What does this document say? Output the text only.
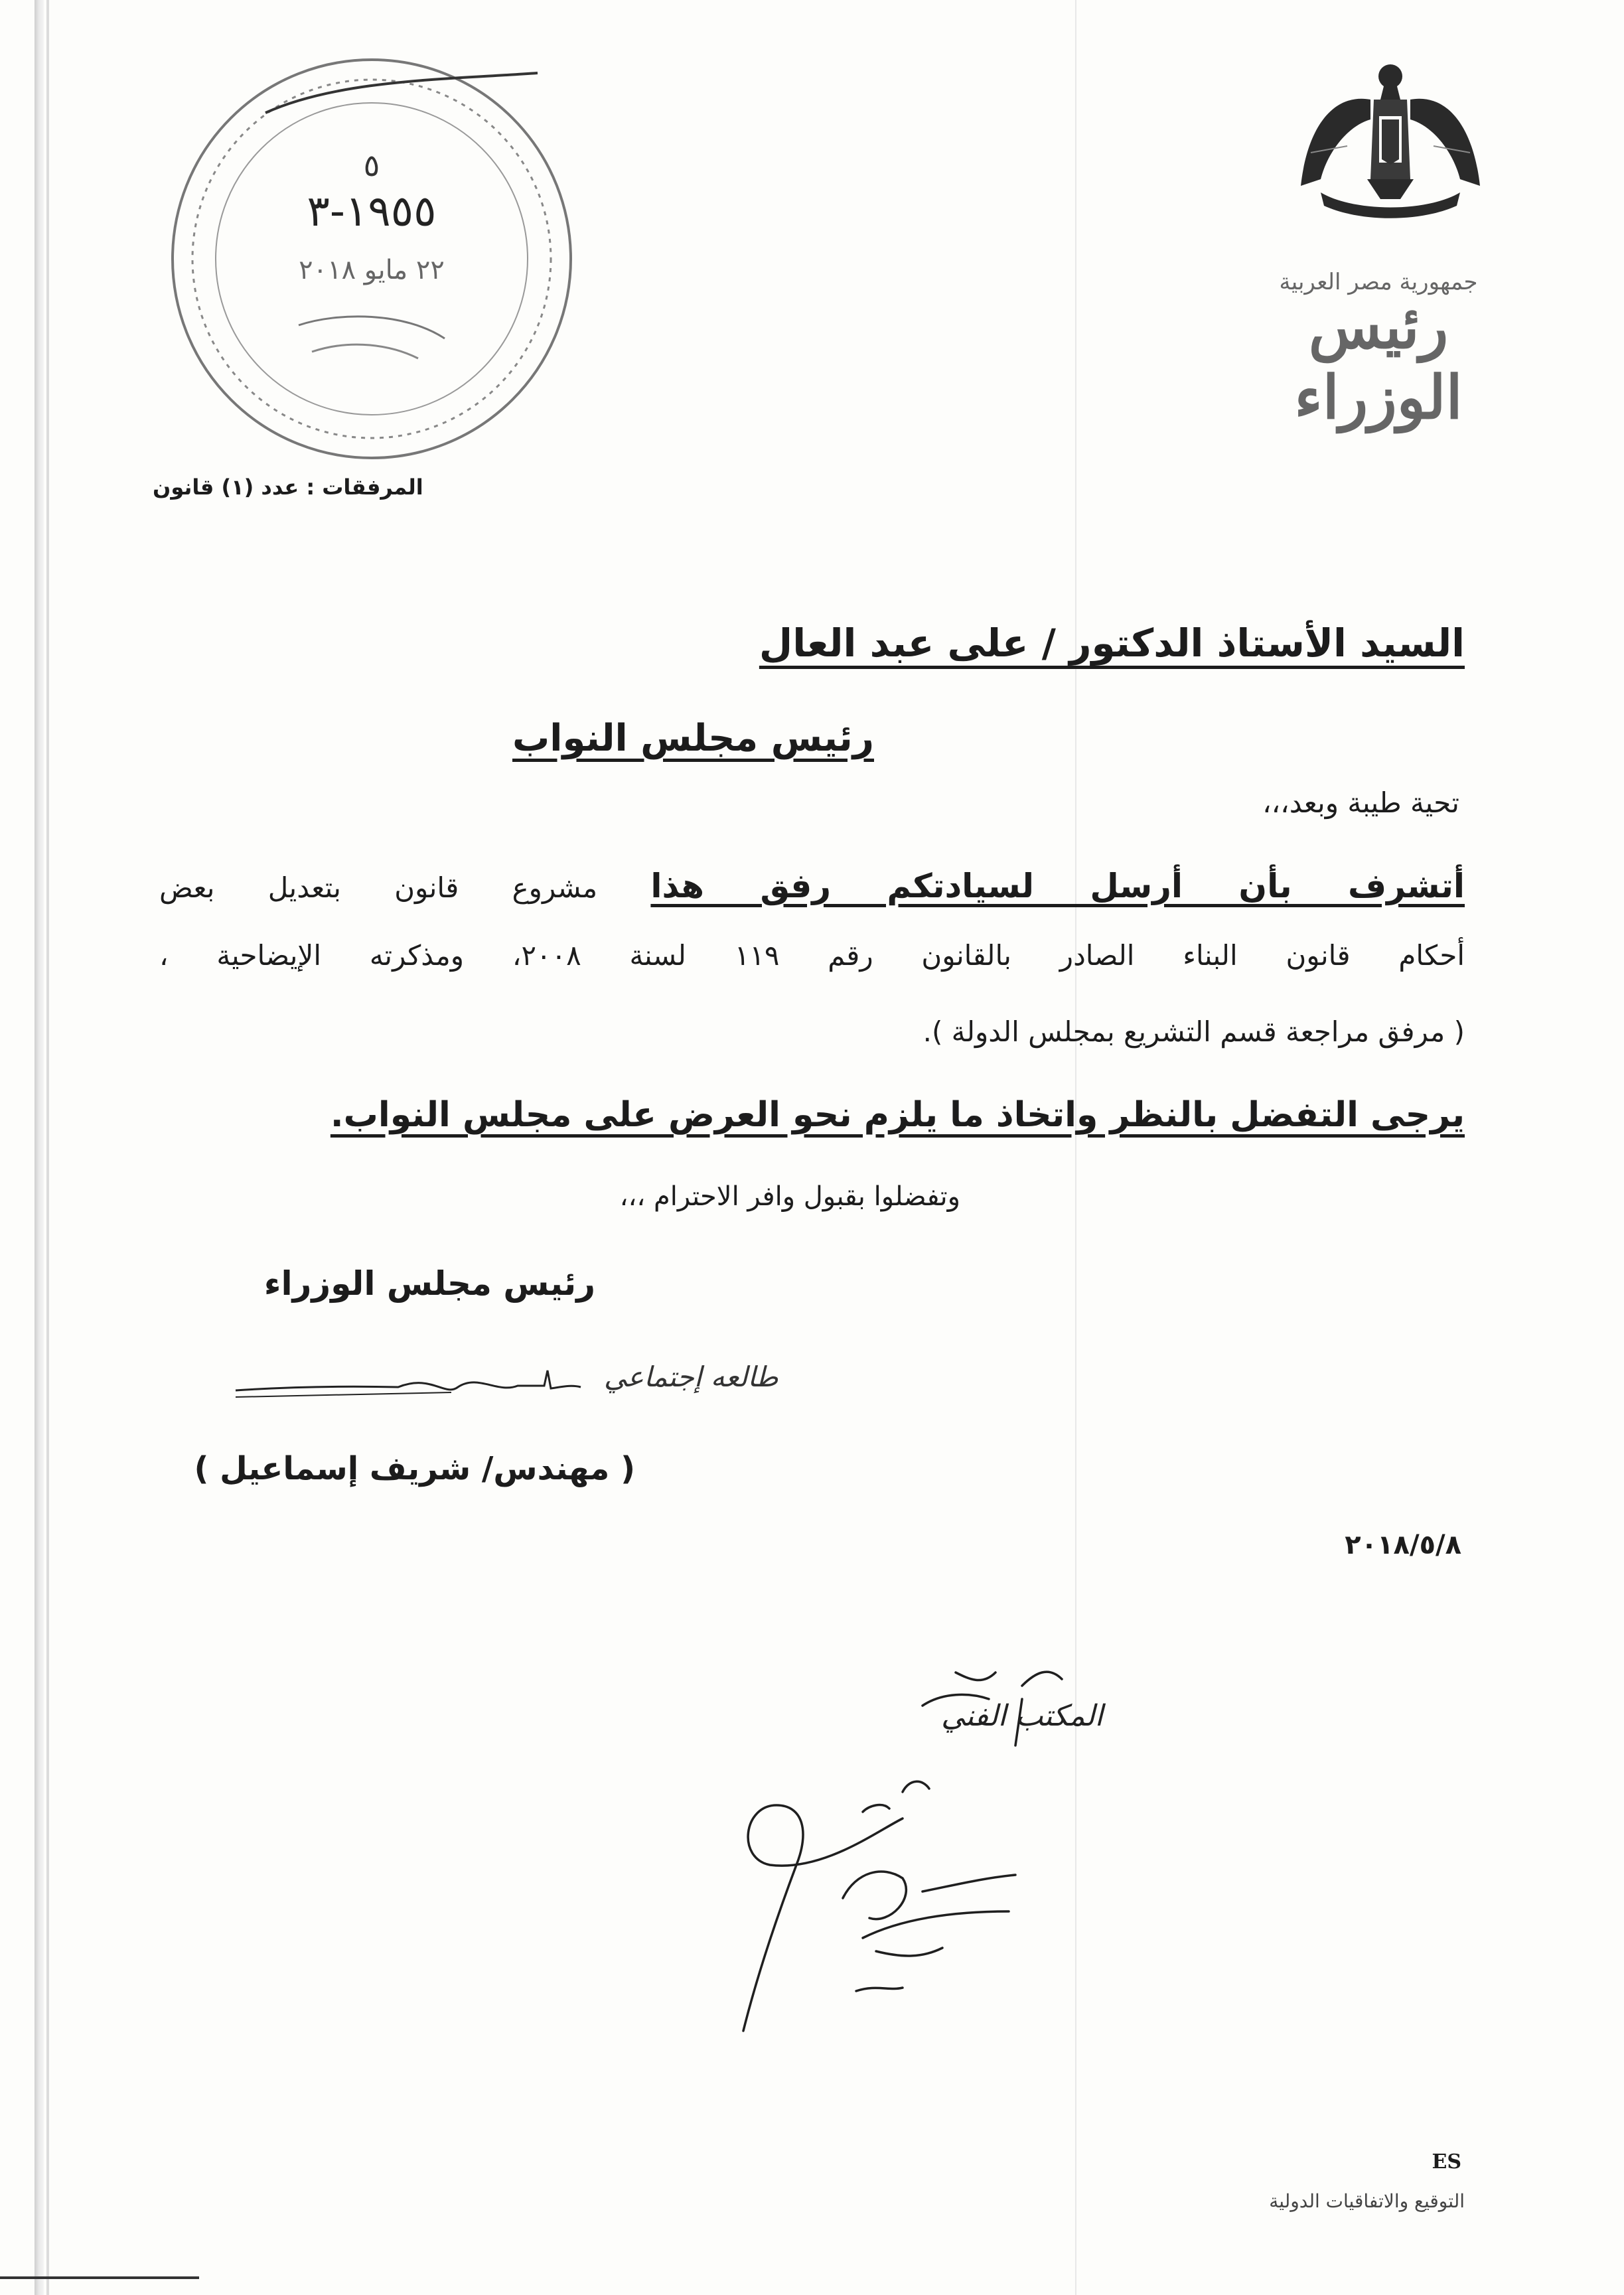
جمهورية مصر العربية
رئيس الوزراء
٥
١٩٥٥-٣
٢٢ مايو ٢٠١٨
المرفقات : عدد (١) قانون
السيد الأستاذ الدكتور / على عبد العال
رئيس مجلس النواب
تحية طيبة وبعد،،،
أتشرف بأن أرسل لسيادتكم رفق هذا مشروع قانون بتعديل بعض
أحكام قانون البناء الصادر بالقانون رقم ١١٩ لسنة ٢٠٠٨، ومذكرته الإيضاحية ،
( مرفق مراجعة قسم التشريع بمجلس الدولة ).
يرجى التفضل بالنظر واتخاذ ما يلزم نحو العرض على مجلس النواب.
وتفضلوا بقبول وافر الاحترام ،،،
رئيس مجلس الوزراء
طالعه إجتماعي
( مهندس/ شريف إسماعيل )
٢٠١٨/٥/٨
المكتب الفني
ES
التوقيع والاتفاقيات الدولية
